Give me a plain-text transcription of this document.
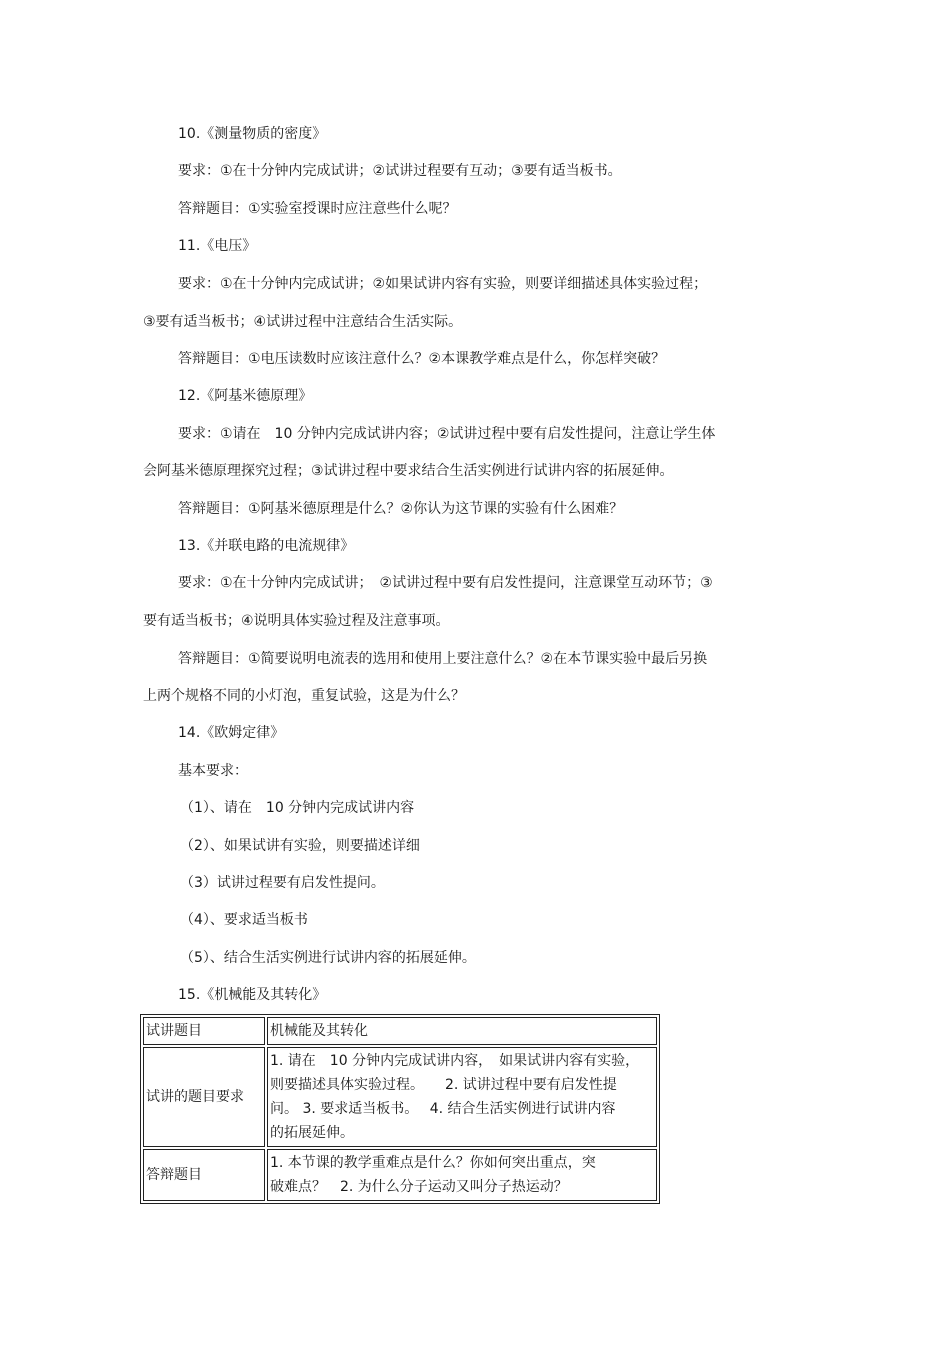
10.《测量物质的密度》
要求：①在十分钟内完成试讲；②试讲过程要有互动；③要有适当板书。
答辩题目：①实验室授课时应注意些什么呢？
11.《电压》
要求：①在十分钟内完成试讲；②如果试讲内容有实验，则要详细描述具体实验过程；
③要有适当板书；④试讲过程中注意结合生活实际。
答辩题目：①电压读数时应该注意什么？②本课教学难点是什么，你怎样突破？
12.《阿基米德原理》
要求：①请在　10 分钟内完成试讲内容；②试讲过程中要有启发性提问，注意让学生体
会阿基米德原理探究过程；③试讲过程中要求结合生活实例进行试讲内容的拓展延伸。
答辩题目：①阿基米德原理是什么？②你认为这节课的实验有什么困难？
13.《并联电路的电流规律》
要求：①在十分钟内完成试讲；　②试讲过程中要有启发性提问，注意课堂互动环节；③
要有适当板书；④说明具体实验过程及注意事项。
答辩题目：①简要说明电流表的选用和使用上要注意什么？②在本节课实验中最后另换
上两个规格不同的小灯泡，重复试验，这是为什么？
14.《欧姆定律》
基本要求：
（1）、请在　10 分钟内完成试讲内容
（2）、如果试讲有实验，则要描述详细
（3）试讲过程要有启发性提问。
（4）、要求适当板书
（5）、结合生活实例进行试讲内容的拓展延伸。
15.《机械能及其转化》
试讲题目	机械能及其转化
试讲的题目要求	1. 请在　10 分钟内完成试讲内容，　如果试讲内容有实验，
则要描述具体实验过程。　　2. 试讲过程中要有启发性提
问。 3. 要求适当板书。　 4. 结合生活实例进行试讲内容
的拓展延伸。

答辩题目	1. 本节课的教学重难点是什么？你如何突出重点，突
破难点？　2. 为什么分子运动又叫分子热运动？
